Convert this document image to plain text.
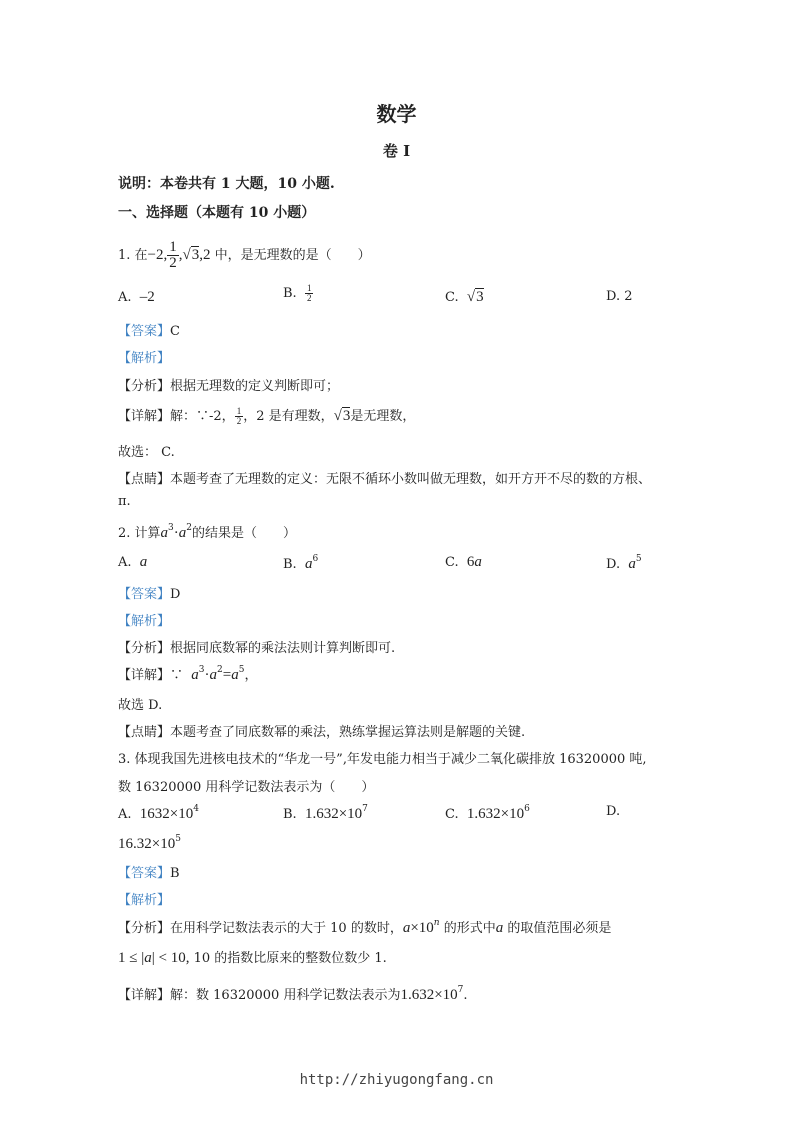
数学
卷 I
说明：本卷共有 1 大题，10 小题.
一、选择题（本题有 10 小题）
1. 在−2, $\frac{1}{2} ,√3,2$ 中，是无理数的是（　　）
A. –2	B. $\frac{1}{2}$	C. √3	D. 2
【答案】C
【解析】
【分析】根据无理数的定义判断即可；
【详解】解：∵-2， $\frac{1}{2}$ ，2 是有理数，√3是无理数，
故选： C.
【点睛】本题考查了无理数的定义：无限不循环小数叫做无理数，如开方开不尽的数的方根、
π.
2. 计算$a^3\cdot a^2$的结果是（　　）
A. a	B. $a^6$	C. 6a	D. $a^5$
【答案】D
【解析】
【分析】根据同底数幂的乘法法则计算判断即可.
【详解】∵ $a^3\cdot a^2=a^5$，
故选 D.
【点睛】本题考查了同底数幂的乘法，熟练掌握运算法则是解题的关键.
3. 体现我国先进核电技术的“华龙一号”,年发电能力相当于减少二氧化碳排放 16320000 吨,
数 16320000 用科学记数法表示为（　　）
A. $1632\times 10^4$	B. $1.632\times 10^7$	C. $1.632\times 10^6$	D.
$16.32\times 10^5$
【答案】B
【解析】
【分析】在用科学记数法表示的大于 10 的数时，$a\times 10^n$ 的形式中a 的取值范围必须是
1 ≤ |a| < 10, 10 的指数比原来的整数位数少 1.
【详解】解：数 16320000 用科学记数法表示为$1.632\times 10^7$.
http://zhiyugongfang.cn
